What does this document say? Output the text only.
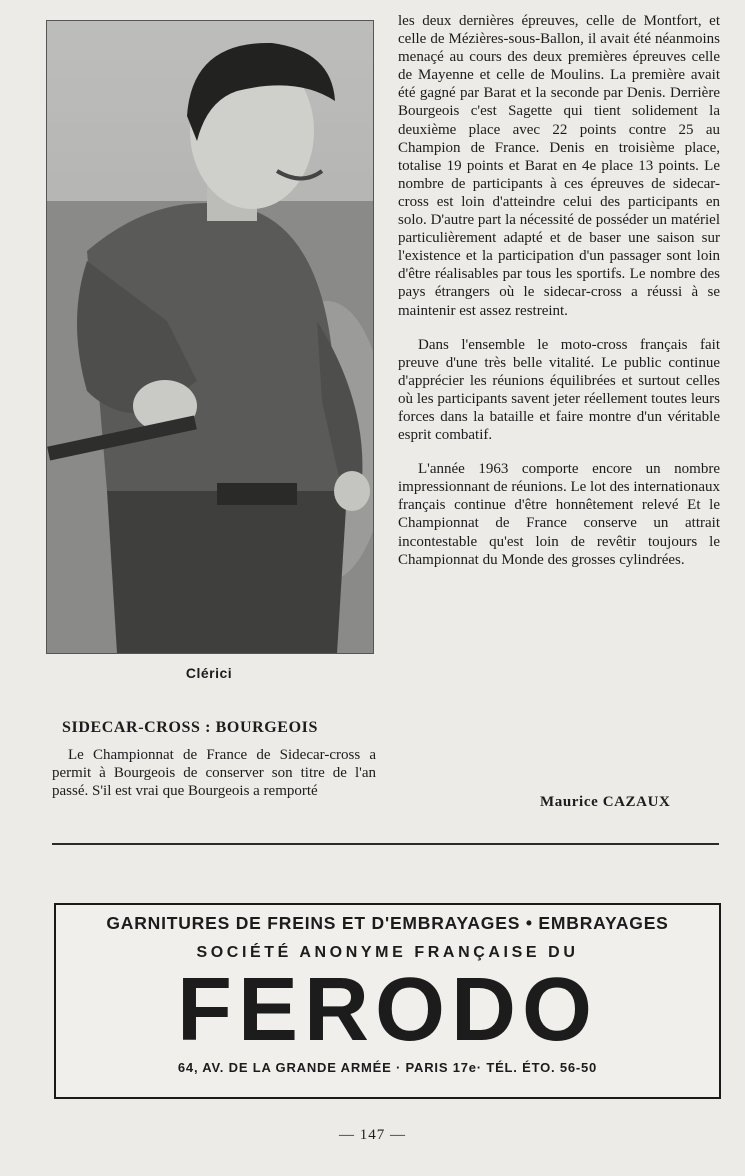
Clérici
SIDECAR-CROSS : BOURGEOIS

Le Championnat de France de Sidecar-cross a permit à Bourgeois de conserver son titre de l'an passé. S'il est vrai que Bourgeois a remporté

les deux dernières épreuves, celle de Montfort, et celle de Mézières-sous-Ballon, il avait été néanmoins menaçé au cours des deux premières épreuves celle de Mayenne et celle de Moulins. La première avait été gagné par Barat et la seconde par Denis. Derrière Bourgeois c'est Sagette qui tient solidement la deuxième place avec 22 points contre 25 au Champion de France. Denis en troisième place, totalise 19 points et Barat en 4e place 13 points. Le nombre de participants à ces épreuves de sidecar-cross est loin d'atteindre celui des participants en solo. D'autre part la nécessité de posséder un matériel particulièrement adapté et de baser une saison sur l'existence et la participation d'un passager sont loin d'être réalisables par tous les sportifs. Le nombre des pays étrangers où le sidecar-cross a réussi à se maintenir est assez restreint.

Dans l'ensemble le moto-cross français fait preuve d'une très belle vitalité. Le public continue d'apprécier les réunions équilibrées et surtout celles où les participants savent jeter réellement toutes leurs forces dans la bataille et faire montre d'un véritable esprit combatif.

L'année 1963 comporte encore un nombre impressionnant de réunions. Le lot des internationaux français continue d'être honnêtement relevé Et le Championnat de France conserve un attrait incontestable qu'est loin de revêtir toujours le Championnat du Monde des grosses cylindrées.

Maurice CAZAUX
GARNITURES DE FREINS ET D'EMBRAYAGES • EMBRAYAGES
SOCIÉTÉ ANONYME FRANÇAISE DU
FERODO
64, AV. DE LA GRANDE ARMÉE · PARIS 17e· TÉL. ÉTO. 56-50
— 147 —
